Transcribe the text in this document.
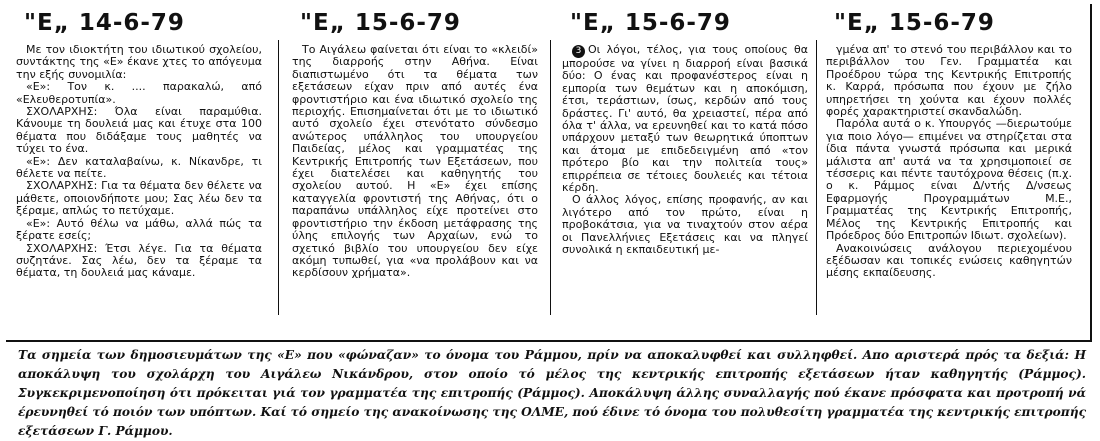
"Ε„ 14-6-79

Με τον ιδιοκτήτη του ιδιωτικού σχολείου, συντάκτης της «Ε» έκανε χτες το απόγευμα την εξής συνομιλία:

«Ε»: Τον κ. .... παρακαλώ, από «Ελευθεροτυπία».

ΣΧΟΛΑΡΧΗΣ: Όλα είναι παραμύθια. Κάνουμε τη δουλειά μας και έτυχε στα 100 θέματα που διδάξαμε τους μαθητές να τύχει το ένα.

«Ε»: Δεν καταλαβαίνω, κ. Νίκανδρε, τι θέλετε να πείτε.

ΣΧΟΛΑΡΧΗΣ: Για τα θέματα δεν θέλετε να μάθετε, οποιονδήποτε μου; Σας λέω δεν τα ξέραμε, απλώς το πετύχαμε.

«Ε»: Αυτό θέλω να μάθω, αλλά πώς τα ξέρατε εσείς;

ΣΧΟΛΑΡΧΗΣ: Έτσι λέγε. Για τα θέματα συζητάνε. Σας λέω, δεν τα ξέραμε τα θέματα, τη δουλειά μας κάναμε.

"Ε„ 15-6-79

Το Αιγάλεω φαίνεται ότι είναι το «κλειδί» της διαρροής στην Αθήνα. Είναι διαπιστωμένο ότι τα θέματα των εξετάσεων είχαν πριν από αυτές ένα φροντιστήριο και ένα ιδιωτικό σχολείο της περιοχής. Επισημαίνεται ότι με το ιδιωτικό αυτό σχολείο έχει στενότατο σύνδεσμο ανώτερος υπάλληλος του υπουργείου Παιδείας, μέλος και γραμματέας της Κεντρικής Επιτροπής των Εξετάσεων, που έχει διατελέσει και καθηγητής του σχολείου αυτού. Η «Ε» έχει επίσης καταγγελία φροντιστή της Αθήνας, ότι ο παραπάνω υπάλληλος είχε προτείνει στο φροντιστήριο την έκδοση μετάφρασης της ύλης επιλογής των Αρχαίων, ενώ το σχετικό βιβλίο του υπουργείου δεν είχε ακόμη τυπωθεί, για «να προλάβουν και να κερδίσουν χρήματα».

"Ε„ 15-6-79

3 Οι λόγοι, τέλος, για τους οποίους θα μπορούσε να γίνει η διαρροή είναι βασικά δύο: Ο ένας και προφανέστερος είναι η εμπορία των θεμάτων και η αποκόμιση, έτσι, τεράστιων, ίσως, κερδών από τους δράστες. Γι' αυτό, θα χρειαστεί, πέρα από όλα τ' άλλα, να ερευνηθεί και το κατά πόσο υπάρχουν μεταξύ των θεωρητικά ύποπτων και άτομα με επιδεδειγμένη από «τον πρότερο βίο και την πολιτεία τους» επιρρέπεια σε τέτοιες δουλειές και τέτοια κέρδη.

Ο άλλος λόγος, επίσης προφανής, αν και λιγότερο από τον πρώτο, είναι η προβοκάτσια, για να τιναχτούν στον αέρα οι Πανελλήνιες Εξετάσεις και να πληγεί συνολικά η εκπαιδευτική με-

"Ε„ 15-6-79

γμένα απ' το στενό του περιβάλλον και το περιβάλλον του Γεν. Γραμματέα και Προέδρου τώρα της Κεντρικής Επιτροπής κ. Καρρά, πρόσωπα που έχουν με ζήλο υπηρετήσει τη χούντα και έχουν πολλές φορές χαρακτηριστεί σκανδαλώδη.

Παρόλα αυτά ο κ. Υπουργός —διερωτούμε για ποιο λόγο— επιμένει να στηρίζεται στα ίδια πάντα γνωστά πρόσωπα και μερικά μάλιστα απ' αυτά να τα χρησιμοποιεί σε τέσσερις και πέντε ταυτόχρονα θέσεις (π.χ. ο κ. Ράμμος είναι Δ/ντής Δ/νσεως Εφαρμογής Προγραμμάτων Μ.Ε., Γραμματέας της Κεντρικής Επιτροπής, Μέλος της Κεντρικής Επιτροπής και Πρόεδρος δύο Επιτροπών Ιδιωτ. σχολείων).

Ανακοινώσεις ανάλογου περιεχομένου εξέδωσαν και τοπικές ενώσεις καθηγητών μέσης εκπαίδευσης.

Τα σημεία των δημοσιευμάτων της «Ε» που «φώναζαν» το όνομα του Ράμμου, πρίν να αποκαλυφθεί και συλληφθεί. Απο αριστερά πρός τα δεξιά: Η αποκάλυψη του σχολάρχη του Αιγάλεω Νικάνδρου, στον οποίο τό μέλος της κεντρικής επιτροπής εξετάσεων ήταν καθηγητής (Ράμμος). Συγκεκριμενοποίηση ότι πρόκειται γιά τον γραμματέα της επιτροπής (Ράμμος). Αποκάλυψη άλλης συναλλαγής πού έκανε πρόσφατα και προτροπή νά έρευνηθεί τό ποιόν των υπόπτων. Καί τό σημείο της ανακοίνωσης της ΟΛΜΕ, πού έδινε τό όνομα του πολυθεσίτη γραμματέα της κεντρικής επιτροπής εξετάσεων Γ. Ράμμου.
